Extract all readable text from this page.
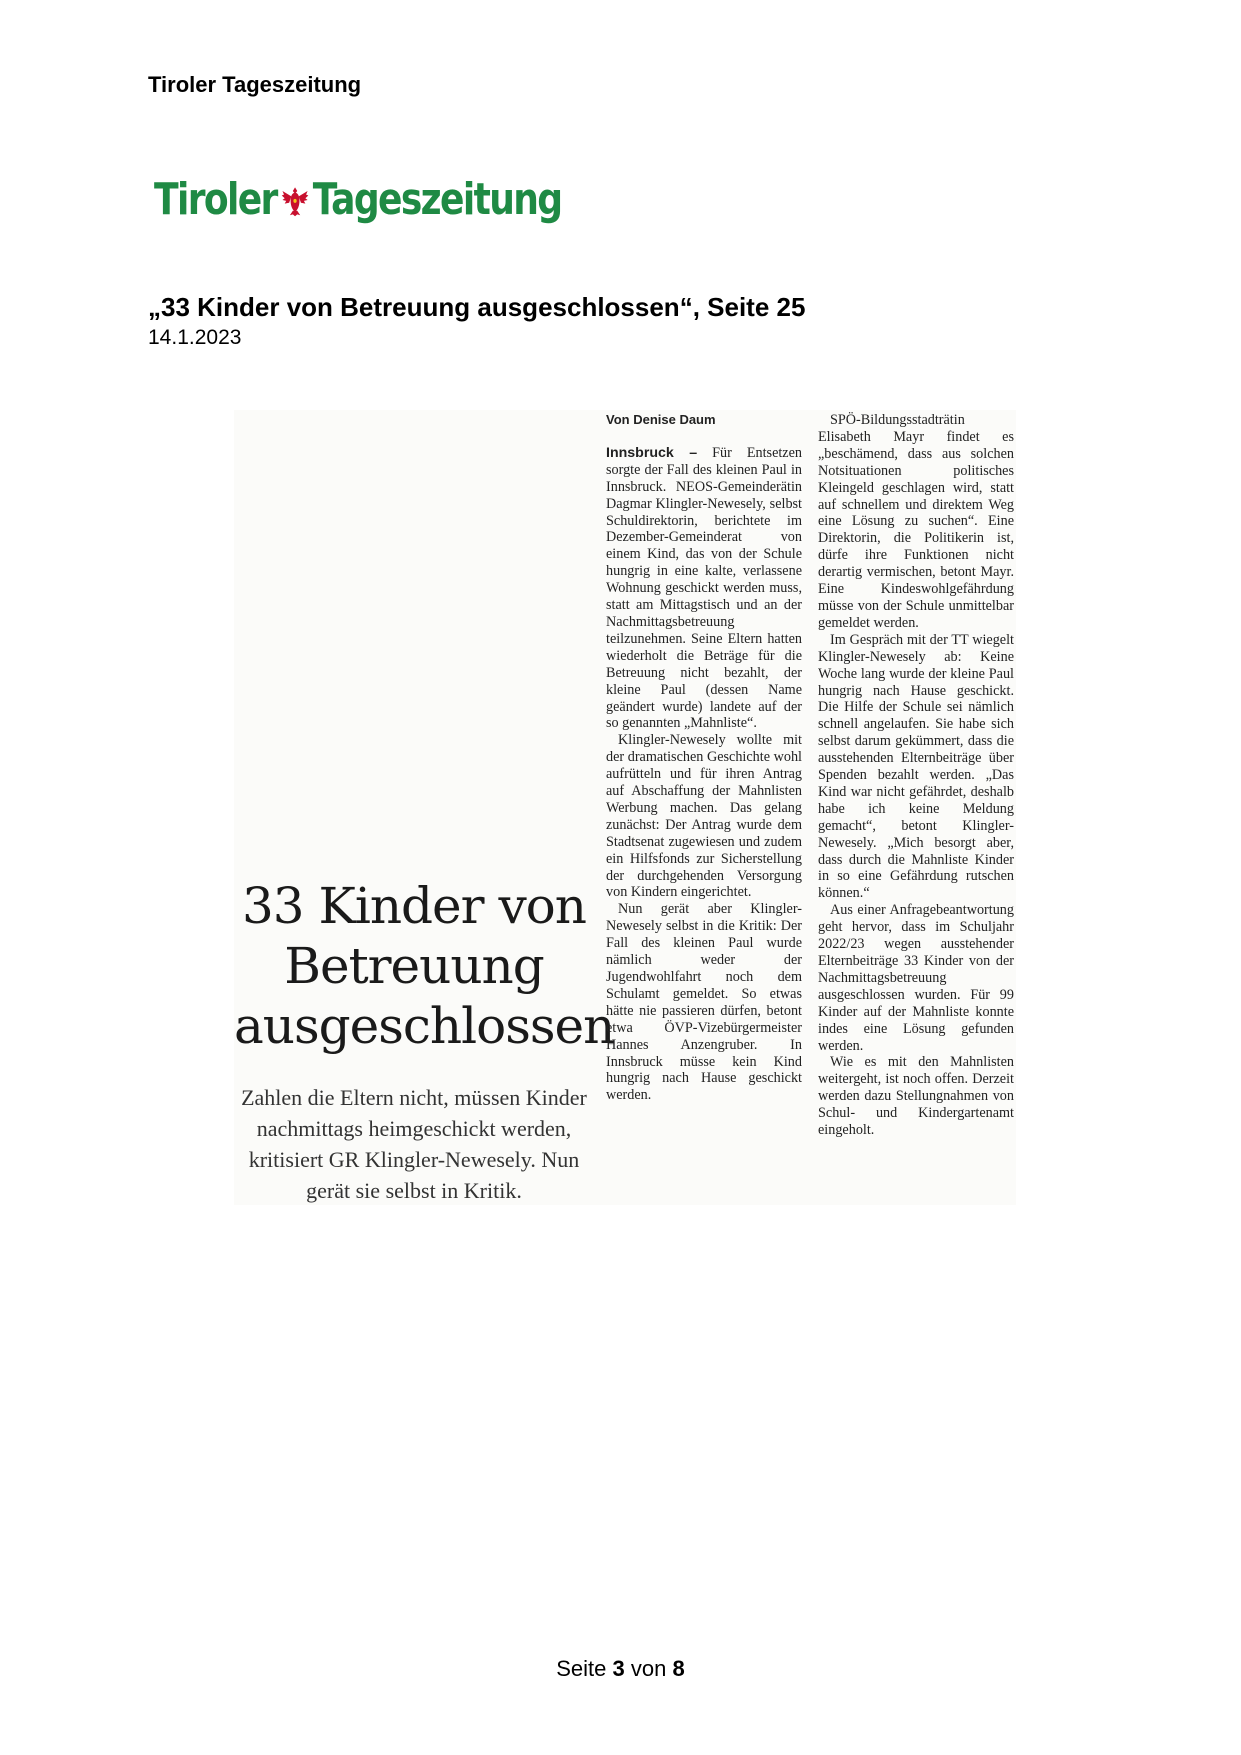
Tiroler Tageszeitung
Tiroler Tageszeitung
„33 Kinder von Betreuung ausgeschlossen“, Seite 25
14.1.2023
33 Kinder von Betreuung ausgeschlossen
Zahlen die Eltern nicht, müssen Kinder nachmittags heimgeschickt werden, kritisiert GR Klingler-Newesely. Nun gerät sie selbst in Kritik.
Von Denise Daum

Innsbruck – Für Entsetzen sorgte der Fall des kleinen Paul in Innsbruck. NEOS-Gemeinderätin Dagmar Klingler-Newesely, selbst Schuldirektorin, berichtete im Dezember-Gemeinderat von einem Kind, das von der Schule hungrig in eine kalte, verlassene Wohnung geschickt werden muss, statt am Mittagstisch und an der Nachmittagsbetreuung teilzunehmen. Seine Eltern hatten wiederholt die Beträge für die Betreuung nicht bezahlt, der kleine Paul (dessen Name geändert wurde) landete auf der so genannten „Mahnliste“.

Klingler-Newesely wollte mit der dramatischen Geschichte wohl aufrütteln und für ihren Antrag auf Abschaffung der Mahnlisten Werbung machen. Das gelang zunächst: Der Antrag wurde dem Stadtsenat zugewiesen und zudem ein Hilfsfonds zur Sicherstellung der durchgehenden Versorgung von Kindern eingerichtet.

Nun gerät aber Klingler-Newesely selbst in die Kritik: Der Fall des kleinen Paul wurde nämlich weder der Jugendwohlfahrt noch dem Schulamt gemeldet. So etwas hätte nie passieren dürfen, betont etwa ÖVP-Vizebürgermeister Hannes Anzengruber. In Innsbruck müsse kein Kind hungrig nach Hause geschickt werden.

SPÖ-Bildungsstadträtin Elisabeth Mayr findet es „beschämend, dass aus solchen Notsituationen politisches Kleingeld geschlagen wird, statt auf schnellem und direktem Weg eine Lösung zu suchen“. Eine Direktorin, die Politikerin ist, dürfe ihre Funktionen nicht derartig vermischen, betont Mayr. Eine Kindeswohlgefährdung müsse von der Schule unmittelbar gemeldet werden.

Im Gespräch mit der TT wiegelt Klingler-Newesely ab: Keine Woche lang wurde der kleine Paul hungrig nach Hause geschickt. Die Hilfe der Schule sei nämlich schnell angelaufen. Sie habe sich selbst darum gekümmert, dass die ausstehenden Elternbeiträge über Spenden bezahlt werden. „Das Kind war nicht gefährdet, deshalb habe ich keine Meldung gemacht“, betont Klingler-Newesely. „Mich besorgt aber, dass durch die Mahnliste Kinder in so eine Gefährdung rutschen können.“

Aus einer Anfragebeantwortung geht hervor, dass im Schuljahr 2022/23 wegen ausstehender Elternbeiträge 33 Kinder von der Nachmittagsbetreuung ausgeschlossen wurden. Für 99 Kinder auf der Mahnliste konnte indes eine Lösung gefunden werden.

Wie es mit den Mahnlisten weitergeht, ist noch offen. Derzeit werden dazu Stellungnahmen von Schul- und Kindergartenamt eingeholt.

Seite 3 von 8
